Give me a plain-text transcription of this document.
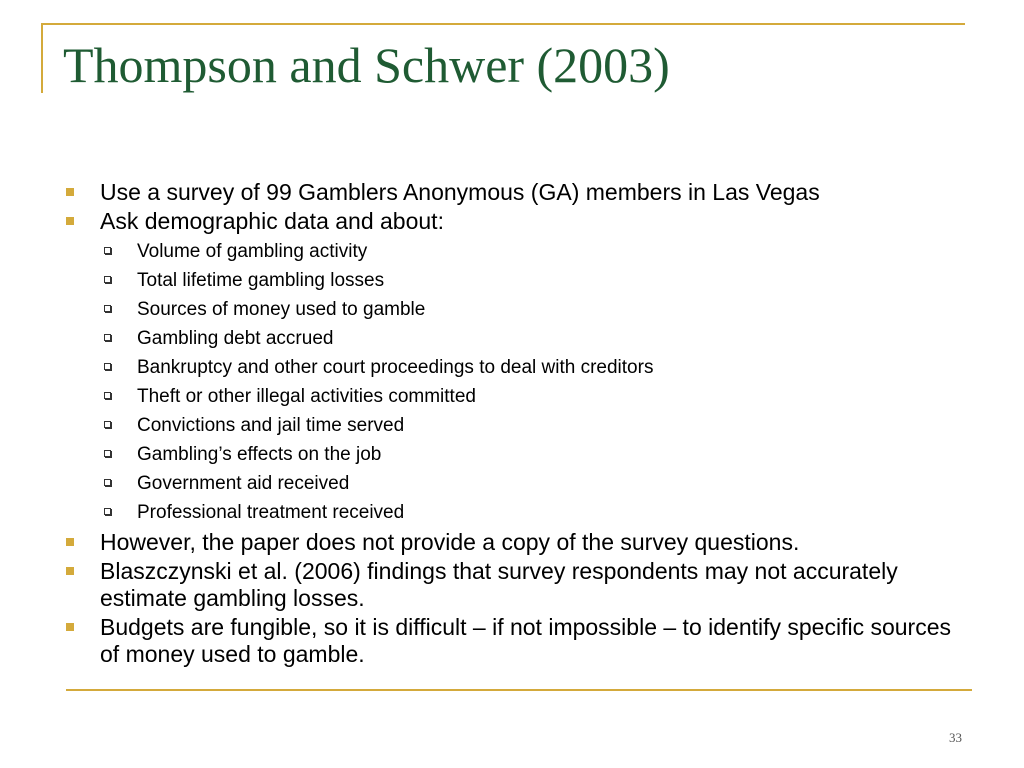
Thompson and Schwer (2003)
Use a survey of 99 Gamblers Anonymous (GA) members in Las Vegas
Ask demographic data and about:
Volume of gambling activity
Total lifetime gambling losses
Sources of money used to gamble
Gambling debt accrued
Bankruptcy and other court proceedings to deal with creditors
Theft or other illegal activities committed
Convictions and jail time served
Gambling’s effects on the job
Government aid received
Professional treatment received
However, the paper does not provide a copy of the survey questions.
Blaszczynski et al. (2006) findings that survey respondents may not accurately estimate gambling losses.
Budgets are fungible, so it is difficult – if not impossible – to identify specific sources of money used to gamble.
33
